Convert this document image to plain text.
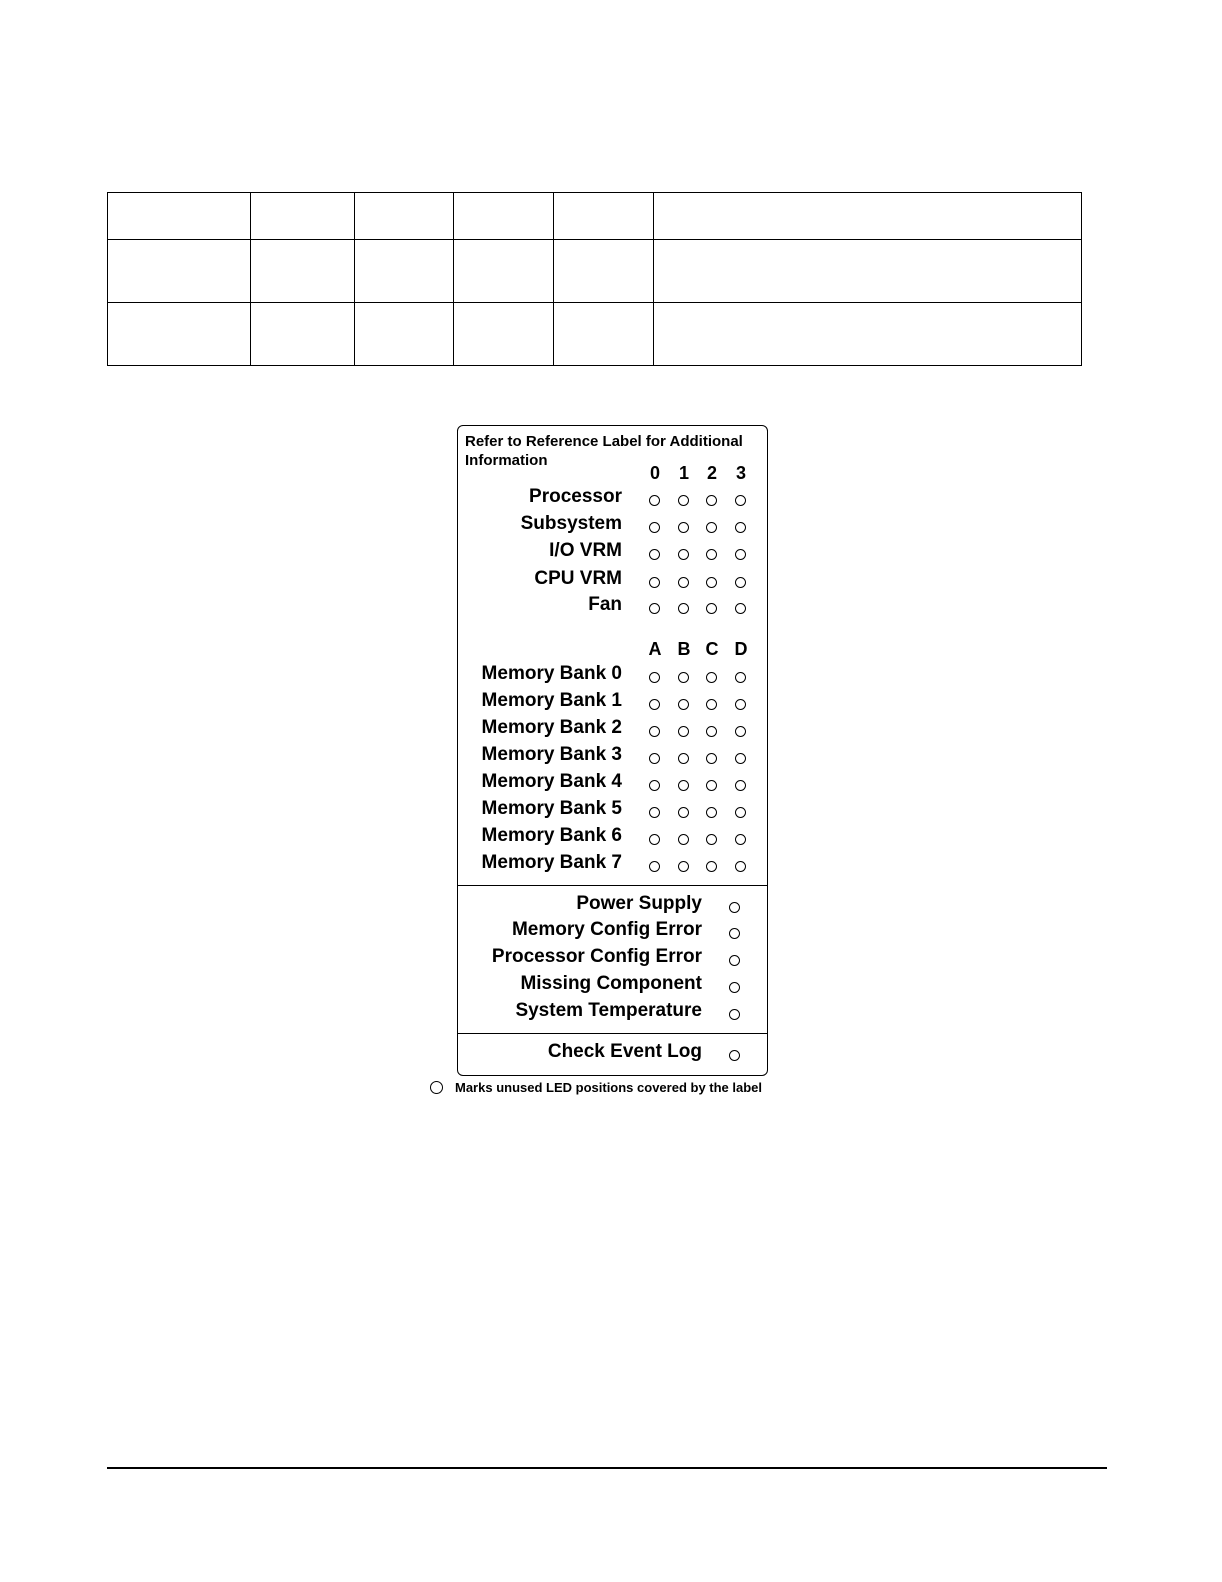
Refer to Reference Label for Additional Information
0 1 2 3
Processor
Subsystem
I/O VRM
CPU VRM
Fan
A B C D
Memory Bank 0
Memory Bank 1
Memory Bank 2
Memory Bank 3
Memory Bank 4
Memory Bank 5
Memory Bank 6
Memory Bank 7
Power Supply
Memory Config Error
Processor Config Error
Missing Component
System Temperature
Check Event Log
Marks unused LED positions covered by the label
